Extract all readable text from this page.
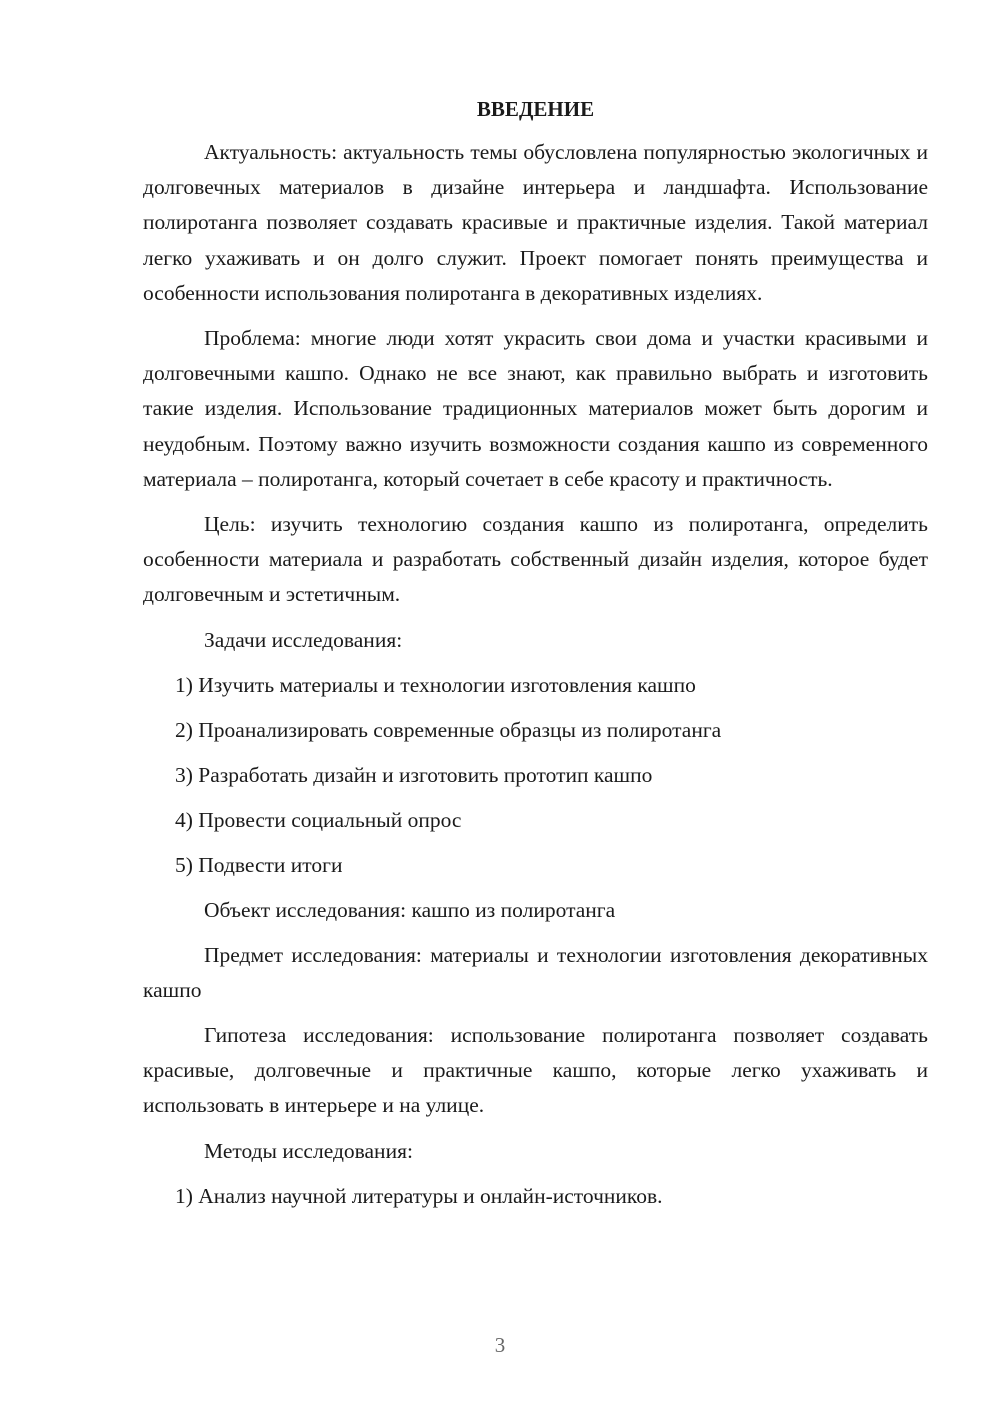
ВВЕДЕНИЕ
Актуальность: актуальность темы обусловлена популярностью экологичных и долговечных материалов в дизайне интерьера и ландшафта. Использование полиротанга позволяет создавать красивые и практичные изделия. Такой материал легко ухаживать и он долго служит. Проект помогает понять преимущества и особенности использования полиротанга в декоративных изделиях.
Проблема: многие люди хотят украсить свои дома и участки красивыми и долговечными кашпо. Однако не все знают, как правильно выбрать и изготовить такие изделия. Использование традиционных материалов может быть дорогим и неудобным. Поэтому важно изучить возможности создания кашпо из современного материала – полиротанга, который сочетает в себе красоту и практичность.
Цель: изучить технологию создания кашпо из полиротанга, определить особенности материала и разработать собственный дизайн изделия, которое будет долговечным и эстетичным.
Задачи исследования:
1) Изучить материалы и технологии изготовления кашпо
2) Проанализировать современные образцы из полиротанга
3) Разработать дизайн и изготовить прототип кашпо
4) Провести социальный опрос
5) Подвести итоги
Объект исследования: кашпо из полиротанга
Предмет исследования: материалы и технологии изготовления декоративных кашпо
Гипотеза исследования: использование полиротанга позволяет создавать красивые, долговечные и практичные кашпо, которые легко ухаживать и использовать в интерьере и на улице.
Методы исследования:
1) Анализ научной литературы и онлайн-источников.
3
